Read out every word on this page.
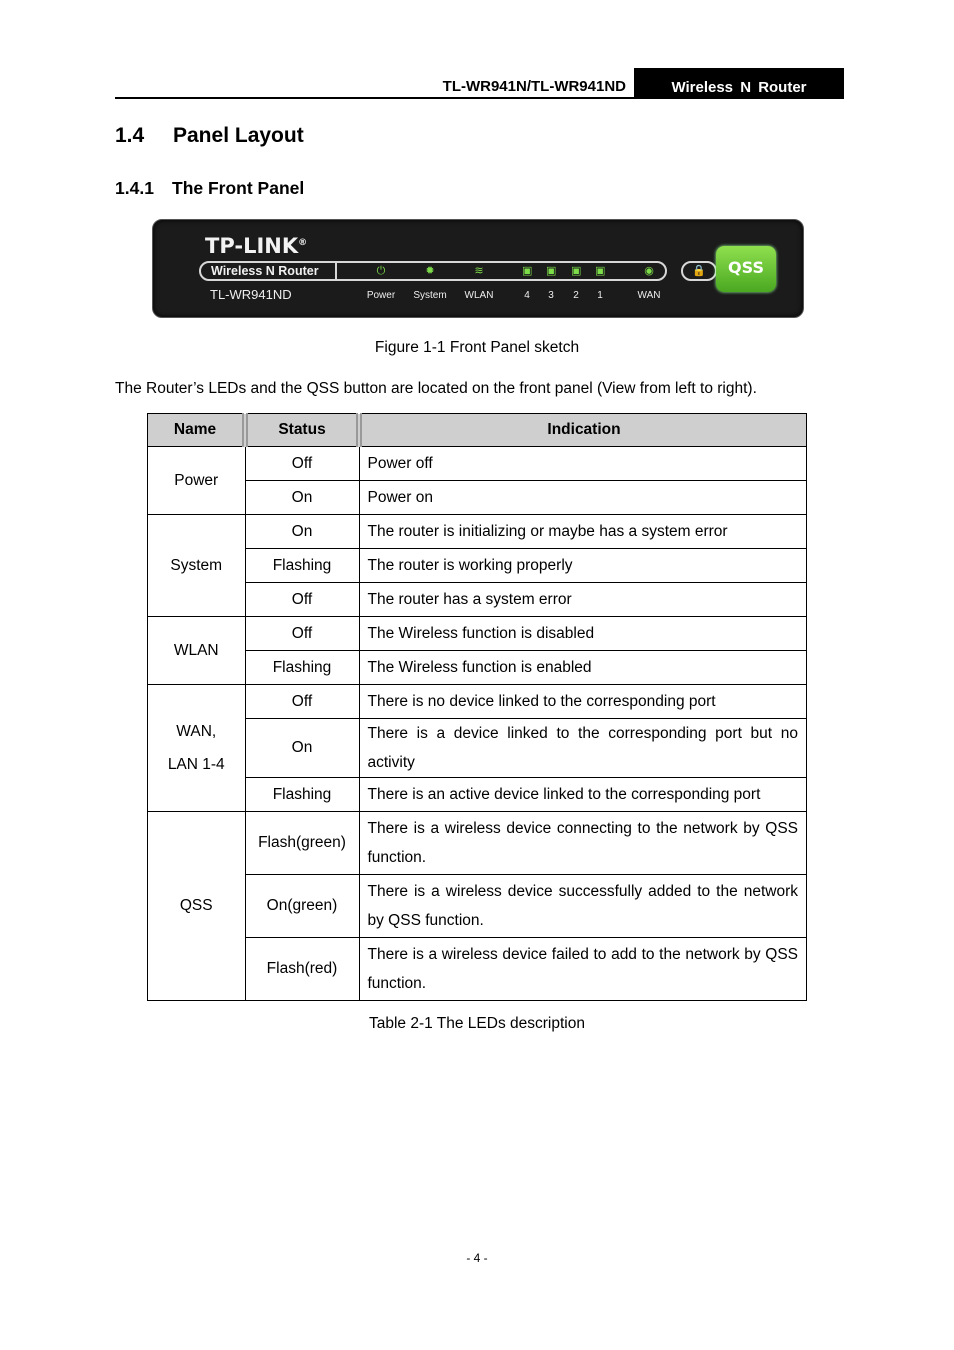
TL-WR941N/TL-WR941ND	Wireless N Router
1.4 Panel Layout
1.4.1 The Front Panel
TP-LINK®
Wireless N Router
TL-WR941ND
⏻
Power
✹
System
≋
WLAN
▣
4
▣
3
▣
2
▣
1
◉
WAN
🔒	QSS
Figure 1-1 Front Panel sketch
The Router’s LEDs and the QSS button are located on the front panel (View from left to right).
Name	Status	Indication

Power	Off	Power off
	On	Power on

System	On	The router is initializing or maybe has a system error
	Flashing	The router is working properly
	Off	The router has a system error

WLAN	Off	The Wireless function is disabled
	Flashing	The Wireless function is enabled

WAN,
LAN 1-4	Off	There is no device linked to the corresponding port
	On	There is a device linked to the corresponding port but no activity
	Flashing	There is an active device linked to the corresponding port

QSS	Flash(green)	There is a wireless device connecting to the network by QSS function.
	On(green)	There is a wireless device successfully added to the network by QSS function.
	Flash(red)	There is a wireless device failed to add to the network by QSS function.
Table 2-1 The LEDs description
- 4 -
